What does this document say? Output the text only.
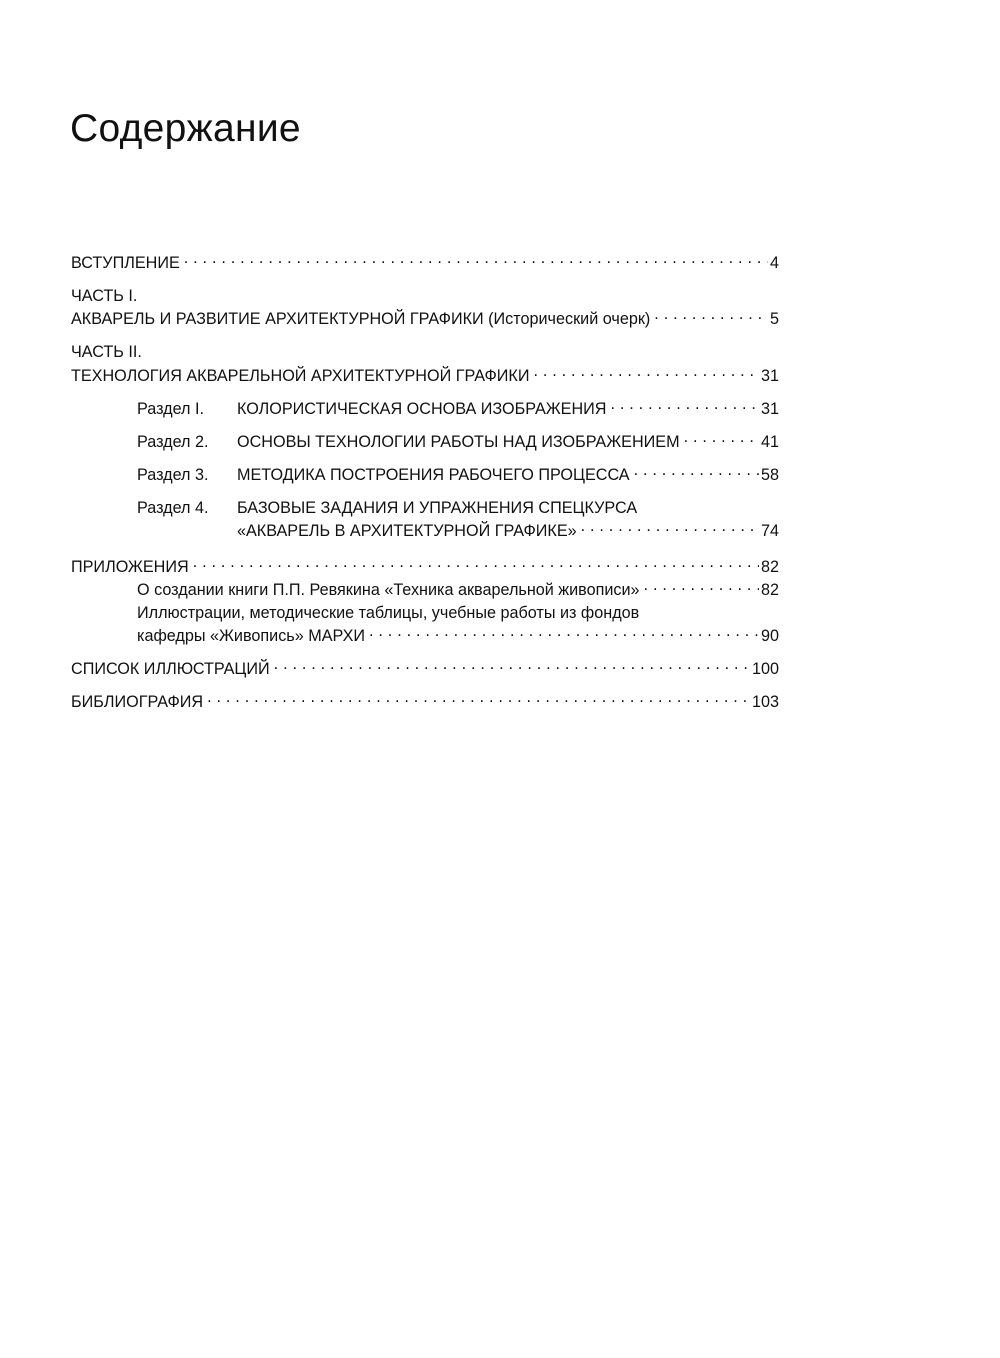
Содержание
ВСТУПЛЕНИЕ . . .	4
ЧАСТЬ I.
АКВАРЕЛЬ И РАЗВИТИЕ АРХИТЕКТУРНОЙ ГРАФИКИ (Исторический очерк) . . .	5
ЧАСТЬ II.
ТЕХНОЛОГИЯ АКВАРЕЛЬНОЙ АРХИТЕКТУРНОЙ ГРАФИКИ . . .	31
Раздел I.	КОЛОРИСТИЧЕСКАЯ ОСНОВА ИЗОБРАЖЕНИЯ . . .	31
Раздел 2.	ОСНОВЫ ТЕХНОЛОГИИ РАБОТЫ НАД ИЗОБРАЖЕНИЕМ . . .	41
Раздел 3.	МЕТОДИКА ПОСТРОЕНИЯ РАБОЧЕГО ПРОЦЕССА . . .	58
Раздел 4.	БАЗОВЫЕ ЗАДАНИЯ И УПРАЖНЕНИЯ СПЕЦКУРСА
«АКВАРЕЛЬ В АРХИТЕКТУРНОЙ ГРАФИКЕ» . . .	74
ПРИЛОЖЕНИЯ . . .	82
О создании книги П.П. Ревякина «Техника акварельной живописи» . . .	82
Иллюстрации, методические таблицы, учебные работы из фондов
кафедры «Живопись» МАРХИ . . .	90
СПИСОК ИЛЛЮСТРАЦИЙ . . .	100
БИБЛИОГРАФИЯ . . .	103
